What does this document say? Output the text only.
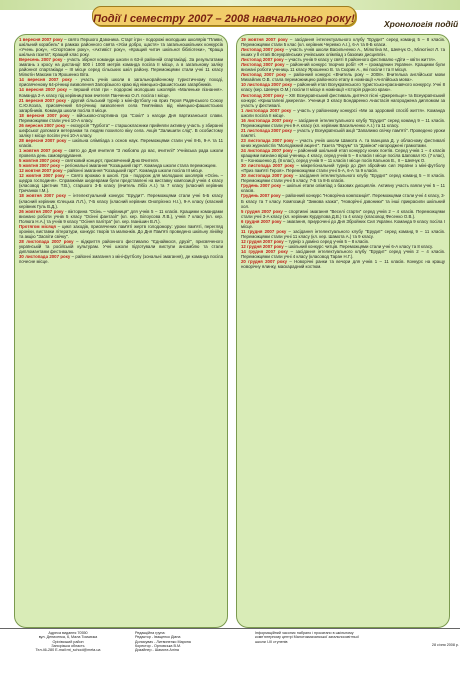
Події І семестру 2007 – 2008 навчального року!	Хронологія подій

1 вересня 2007 року – свято Першого Дзвоника. Старт ігри - подорожі молодших школярів "Пливи, шкільний корабель" в рамках районного свята «Усім добро, щастя» та загальношкільних конкурсів «Учень року», «Спортсмен року», «Активіст року», «Кращий читач шкільної бібліотеки», "Краща шкільна газета"; Кращий клас року.

Вересень 2007 року - участь збірної команди школи в 63-й районній спартакіаді. За результатами змагань з кросу на дистанції 500 і 1000 метрів команда посіла ІІ місце, а в загальному заліку районної спартакіади – ІІІ місце серед сільських шкіл району. Переможцями стали учні 11 класу Мілютін Максим та Ярошенко Віта.

14 вересня 2007 року - участь учнів школи в загальнорайонному туристичному поході, присвяченому 64-річниці визволення Запорізького краю від німецько-фашистських загарбників.

14 вересня 2007 року – перший етап гри - подорожі молодших школярів «Маленьке пізнання». Команда 2-А класу під керівництвом вчителя Панченко О.Л. посіла І місце.

21 вересня 2007 року - другий сільський турнір з міні-футболу на приз Героя Радянського Союзу С.Ю.Козла, присвячений 64-річниці визволення села Тем'янівка від німецько-фашистських загарбників. Команда школи посіла ІІ місце.

18 вересня 2007 року - військово-спортивна гра "Сокіл" з нагоди Дня партизанської слави. Переможцями стали учні 10-А класу.

26 вересня 2007 року – екскурсія "Турбота" – старшокласники прийняли активну участь у збиранні шефської допомоги ветеранам та людям похилого віку села. Акція "Залишити слід". В особистому заліку І місце посіли учні 10-А класу.

28 вересня 2007 року – шкільна олімпіада з основ наук. Переможцями стали учні 8-Б, 9-А та 11 класів.

1 жовтня 2007 року – свято до Дня вчителя "З любов'ю до вас, вчителі!" Учнівська рада школи провела день самоврядування.

5 жовтня 2007 року – святковий концерт, присвячений Дню Вчителя.

5 жовтня 2007 року – регіональні змагання "Козацький гарт". Команда школи стала переможцем.

12 жовтня 2007 року – районні змагання "Козацький гарт". Команда школи посіла ІІІ місце.

12 жовтня 2007 року – Свято врожаю в школі. Гра - подорож для молодших школярів «Осінь – щедра господиня». Справжніми шедеврами були представлені на виставку композиції учнів 4 класу (класовод Цвєтник Т.В.), старшого 3-Б класу (вчитель Лібіз А.І.) та 7 класу (класний керівник Гричанюк І.М.).

18 жовтня 2007 року – інтелектуальний конкурс "Ерудит". Переможцями стали учні 5-Б класу (класний керівник Єлецька Л.Л.), 7-Б класу (класний керівник Онопрієнко Н.І.), 9-А класу (класний керівник Гуль В.Д.).

26 жовтня 2007 року - вікторина "Осінь – чарівниця" для учнів 5 – 11 класів. Кращими командами визнано роботи учнів 5 класу "Осінні фантазії" (кл. кер. Білоусова Л.В.), учнів 7 класу (кл. кер. Полюга Н.А.) та учнів 9 класу "Осіння палітра" (кл. кер. Іванішин В.Л.).

Протягом місяця – цикл заходів, присвячених пам'яті жертв голодомору: уроки пам'яті, перегляд хроніки, виставки літератури, конкурс творів та малюнків. До Дня Пам'яті проведено шкільну лінійку та акцію "Засвіти свічку".

28 листопада 2007 року – відкриття районного фестивалю "Єднаймося, друзі!", присвяченого українській та російській культурам. Учні школи підготували виступи ансамблю та стали дипломантами фестивалю.

30 листопада 2007 року – районні змагання з міні-футболу (зональні змагання), де команда посіла почесне місце.

19 жовтня 2007 року – засідання інтелектуального клубу "Ерудит" серед команд 5 – 8 класів. Переможцями стали 5 клас (кл. керівник Черевко А.І.), 6-А та 8-Б класи.

Листопад 2007 року – участь учнів школи Васильченко А., Мілютіна М., Шевчук О., Мілютіної Л. та інших у Ⅱ етапі Всеукраїнських учнівських олімпіад з базових дисциплін.

Листопад 2007 року – участь учнів 9 класу у святі ІІ районного фестивалю «Діти – квіти життя».

Листопад 2007 року – районний конкурс творчих робіт «Я – громадянин України». Кращими були визнані роботи учениць 11 класу Ярошенко В. та Скорик А., які посіли І та ІІ місця.

Листопад 2007 року – районний конкурс «Вчитель року – 2008». Вчителька англійської мови Михайлик О.В. стала переможницею районного етапу в номінації «Англійська мова».

10 листопада 2007 року – районний етап Всеукраїнського туристсько-краєзнавчого конкурсу. Учні 8 класу (кер. Шевчук О.М.) посіли ІІ місце в номінації «Історія рідного краю».

Листопад 2007 року – ХІІІ Всеукраїнський фестиваль дитячої пісні «Джерельце» та Всеукраїнський конкурс «Кришталеві джерела». Учениця 3 класу Бондаренко Анастасія нагороджена дипломом за участь у фестивалі.

1 листопада 2007 року – участь у районному конкурсі «Ми за здоровий спосіб життя». Команда школи посіла ІІ місце.

16 листопада 2007 року – засідання інтелектуального клубу "Ерудит" серед команд 9 – 11 класів. Переможцями стали учні 9-А класу (кл. керівник Васильченко А.І.) та 11 класу.

21 листопада 2007 року – участь у Всеукраїнській акції "Запалимо свічку пам'яті". Проведено уроки пам'яті.

23 листопада 2007 року – участь учнів школи Шамота А. та Іванцова Д. у обласному фестивалі юних журналістів "Молодіжний акцент". Газета "Форум" та "Дзвінок" нагороджені грамотами.

24 листопада 2007 року – районний шкільний етап конкурсу юних поетів. Серед учнів 1 – 4 класів кращими визнано вірші учениць 4 класу, серед учнів 5 – 8 класів І місце посіла Шаповал Ю. (7 клас), ІІ – Конюшенко Д. (8 клас), серед учнів 9 – 11 класів І місце посів Кальнов В., ІІ – Шевчук О.

30 листопада 2007 року – міжрегіональний турнір до Дня збройних сил України з міні-футболу «Приз пам'яті Героя». Переможцями стали учні 5-А, 6-А та 9 класів.

30 листопада 2007 року – засідання інтелектуального клубу "Ерудит" серед команд 5 – 8 класів. Переможцями стали учні 5 класу, 7-Б та 8-Б класів.

Грудень 2007 року – шкільні етапи олімпіад з базових дисциплін. Активну участь взяли учні 5 – 11 класів.

Грудень 2007 року – районний конкурс "Новорічна композиція". Переможцями стали учні 4 класу, 3-Б класу та 7 класу. Композиції "Зимова казка", "Новорічні дзвоники" та інші прикрасили шкільний хол.

5 грудня 2007 року – спортивні змагання "Веселі старти" серед учнів 2 – 4 класів. Переможцями стали учні 3-А класу (кл. керівник Курдупова Д.В.) та 4 класу (класовод Фесенко О.В.).

6 грудня 2007 року – змагання, приурочені до Дня Збройних Сил України. Команда 9 класу посіла І місце.

11 грудня 2007 року – засідання інтелектуального клубу "Ерудит" серед команд 9 – 11 класів. Переможцями стали учні 11 класу (кл. кер. Шамота А.) та 9 класу.

12 грудня 2007 року – турнір з доміно серед учнів 5 – 8 класів.

12 грудня 2007 року – шкільний конкурс читців. Переможцями стали учні 6-А класу та 8 класу.

14 грудня 2007 року – засідання інтелектуального клубу "Ерудит" серед учнів 2 – 4 класів. Переможцями стали учні 4 класу (класовод Таран Н.Г.).

20 грудня 2007 року – Новорічні ранки та вечори для учнів 1 – 11 класів. Конкурс на кращу новорічну ялинку, маскарадний костюм.

Адреса видання 70550
вул. Денисенка, 6, Малa Токмачка
Оріхівський район
Запорізька область
Тел.46-280 E-mail:mt_school@meta.ua
Редакційна група:
Редактор - Іващенко Діана
Дописувач - Литвиненко Марина
Коректор - Орловська В.М.
Дизайнер - Шамота Аліна
Інформаційний часопис набрано і прокатано в шкільному
комп'ютерному центрі Малотокмачанської загальноосвітньої
школи І-ІІІ ступенів
28 січня 2008 р.
